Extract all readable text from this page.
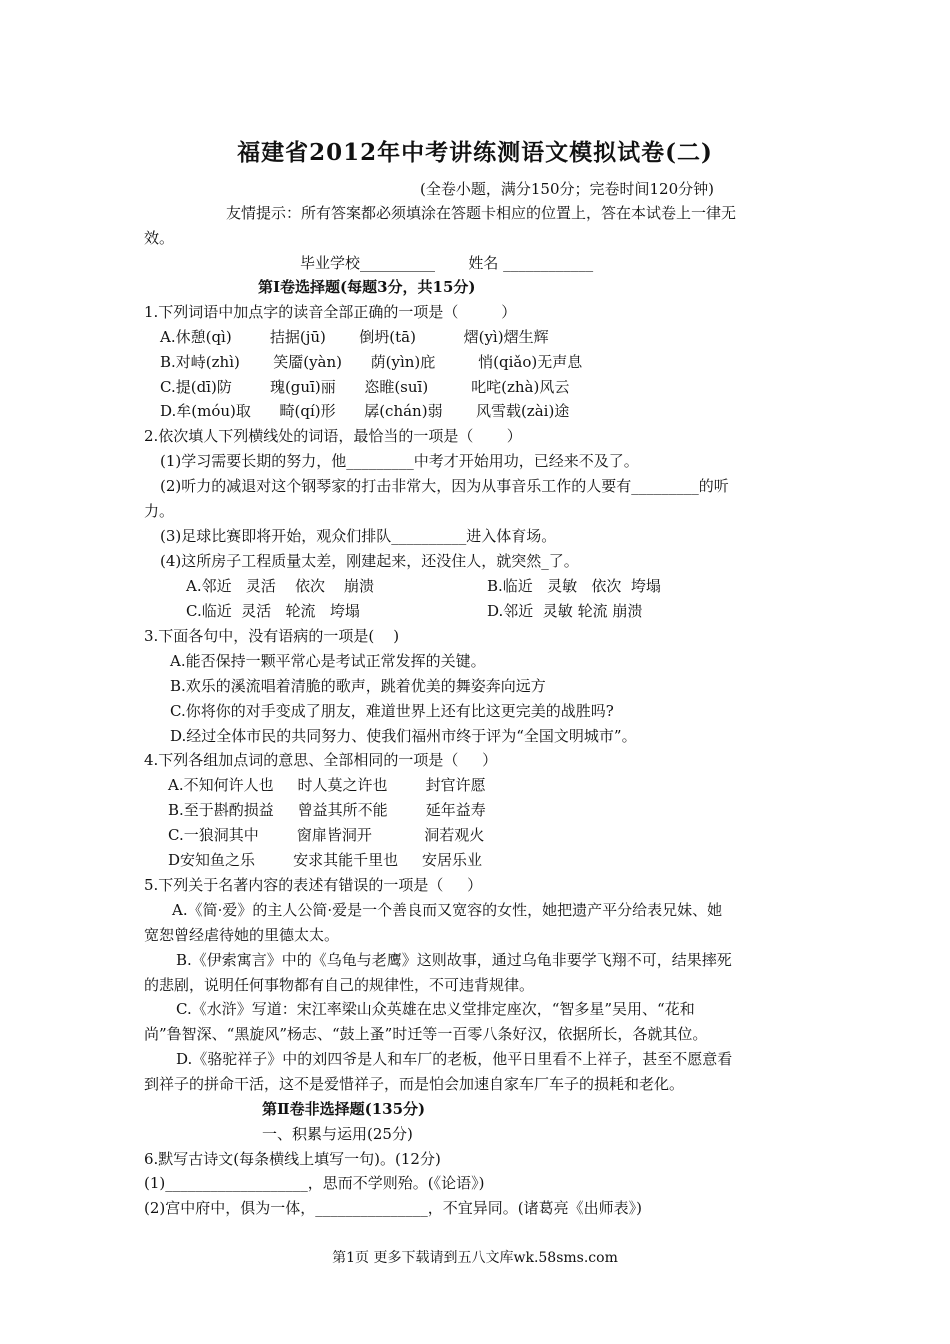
福建省2012年中考讲练测语文模拟试卷(二)
(全卷小题，满分150分；完卷时间120分钟)
友情提示：所有答案都必须填涂在答题卡相应的位置上，答在本试卷上一律无
效。
毕业学校__________       姓名 ____________
第Ⅰ卷选择题(每题3分，共15分)
1.下列词语中加点字的读音全部正确的一项是（         ）
A.休憩(qì)        拮据(jū)       倒坍(tā)          熠(yì)熠生辉
B.对峙(zhì)       笑靥(yàn)      荫(yìn)庇         悄(qiǎo)无声息
C.提(dī)防        瑰(guī)丽      恣睢(suī)         叱咤(zhà)风云
D.牟(móu)取      畸(qí)形      孱(chán)弱       风雪载(zài)途
2.依次填人下列横线处的词语，最恰当的一项是（       ）
(1)学习需要长期的努力，他_________中考才开始用功，已经来不及了。
(2)听力的减退对这个钢琴家的打击非常大，因为从事音乐工作的人要有_________的听
力。
(3)足球比赛即将开始，观众们排队__________进入体育场。
(4)这所房子工程质量太差，刚建起来，还没住人，就突然_了。
A.邻近   灵活    依次    崩溃	B.临近   灵敏   依次  垮塌
C.临近  灵活   轮流   垮塌	D.邻近  灵敏 轮流 崩溃
3.下面各句中，没有语病的一项是(    )
A.能否保持一颗平常心是考试正常发挥的关键。
B.欢乐的溪流唱着清脆的歌声，跳着优美的舞姿奔向远方
C.你将你的对手变成了朋友，难道世界上还有比这更完美的战胜吗?
D.经过全体市民的共同努力、使我们福州市终于评为“全国文明城市”。
4.下列各组加点词的意思、全部相同的一项是（     ）
A.不知何许人也     时人莫之许也        封官许愿
B.至于斟酌损益     曾益其所不能        延年益寿
C.一狼洞其中        窗扉皆洞开           洞若观火
D安知鱼之乐        安求其能千里也     安居乐业
5.下列关于名著内容的表述有错误的一项是（     ）
A.《简·爱》的主人公简·爱是一个善良而又宽容的女性，她把遗产平分给表兄妹、她
宽恕曾经虐待她的里德太太。
B.《伊索寓言》中的《乌龟与老鹰》这则故事，通过乌龟非要学飞翔不可，结果摔死
的悲剧，说明任何事物都有自己的规律性，不可违背规律。
C.《水浒》写道：宋江率梁山众英雄在忠义堂排定座次，“智多星”吴用、“花和
尚”鲁智深、“黑旋风”杨志、“鼓上蚤”时迁等一百零八条好汉，依据所长，各就其位。
D.《骆驼祥子》中的刘四爷是人和车厂的老板，他平日里看不上祥子，甚至不愿意看
到祥子的拼命干活，这不是爱惜祥子，而是怕会加速自家车厂车子的损耗和老化。
第Ⅱ卷非选择题(135分)
一、积累与运用(25分)
6.默写古诗文(每条横线上填写一句)。(12分)
(1)___________________，思而不学则殆。(《论语》)
(2)宫中府中，俱为一体，_______________，不宜异同。(诸葛亮《出师表》)
第1页 更多下载请到五八文库wk.58sms.com
